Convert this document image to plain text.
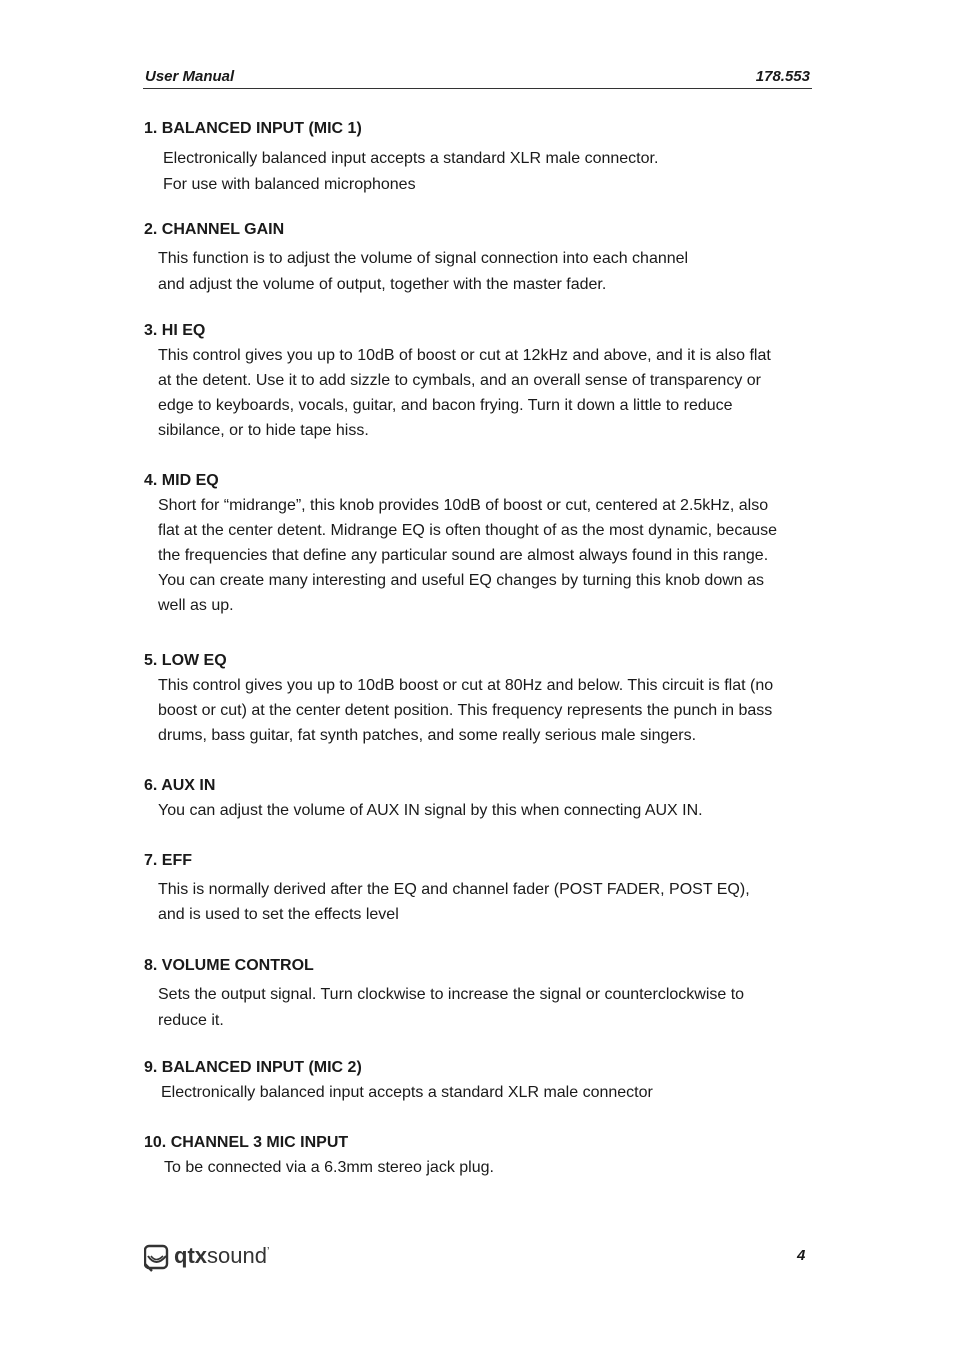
User Manual	178.553
1. BALANCED INPUT (MIC 1)

Electronically balanced input accepts a standard XLR male connector.
For use with balanced microphones

2. CHANNEL GAIN

This function is to adjust the volume of signal connection into each channel
and adjust the volume of output, together with the master fader.

3. HI EQ

This control gives you up to 10dB of boost or cut at 12kHz and above, and it is also flat
at the detent. Use it to add sizzle to cymbals, and an overall sense of transparency or
edge to keyboards, vocals, guitar, and bacon frying. Turn it down a little to reduce
sibilance, or to hide tape hiss.

4. MID EQ

Short for “midrange”, this knob provides 10dB of boost or cut, centered at 2.5kHz, also
flat at the center detent. Midrange EQ is often thought of as the most dynamic, because
the frequencies that define any particular sound are almost always found in this range.
You can create many interesting and useful EQ changes by turning this knob down as
well as up.

5. LOW EQ

This control gives you up to 10dB boost or cut at 80Hz and below. This circuit is flat (no
boost or cut) at the center detent position. This frequency represents the punch in bass
drums, bass guitar, fat synth patches, and some really serious male singers.

6. AUX IN

You can adjust the volume of AUX IN signal by this when connecting AUX IN.

7. EFF

This is normally derived after the EQ and channel fader (POST FADER, POST EQ),
and is used to set the effects level

8. VOLUME CONTROL

Sets the output signal. Turn clockwise to increase the signal or counterclockwise to
reduce it.

9. BALANCED INPUT (MIC 2)

Electronically balanced input accepts a standard XLR male connector

10. CHANNEL 3 MIC INPUT

To be connected via a 6.3mm stereo jack plug.

qtxsound’	4
